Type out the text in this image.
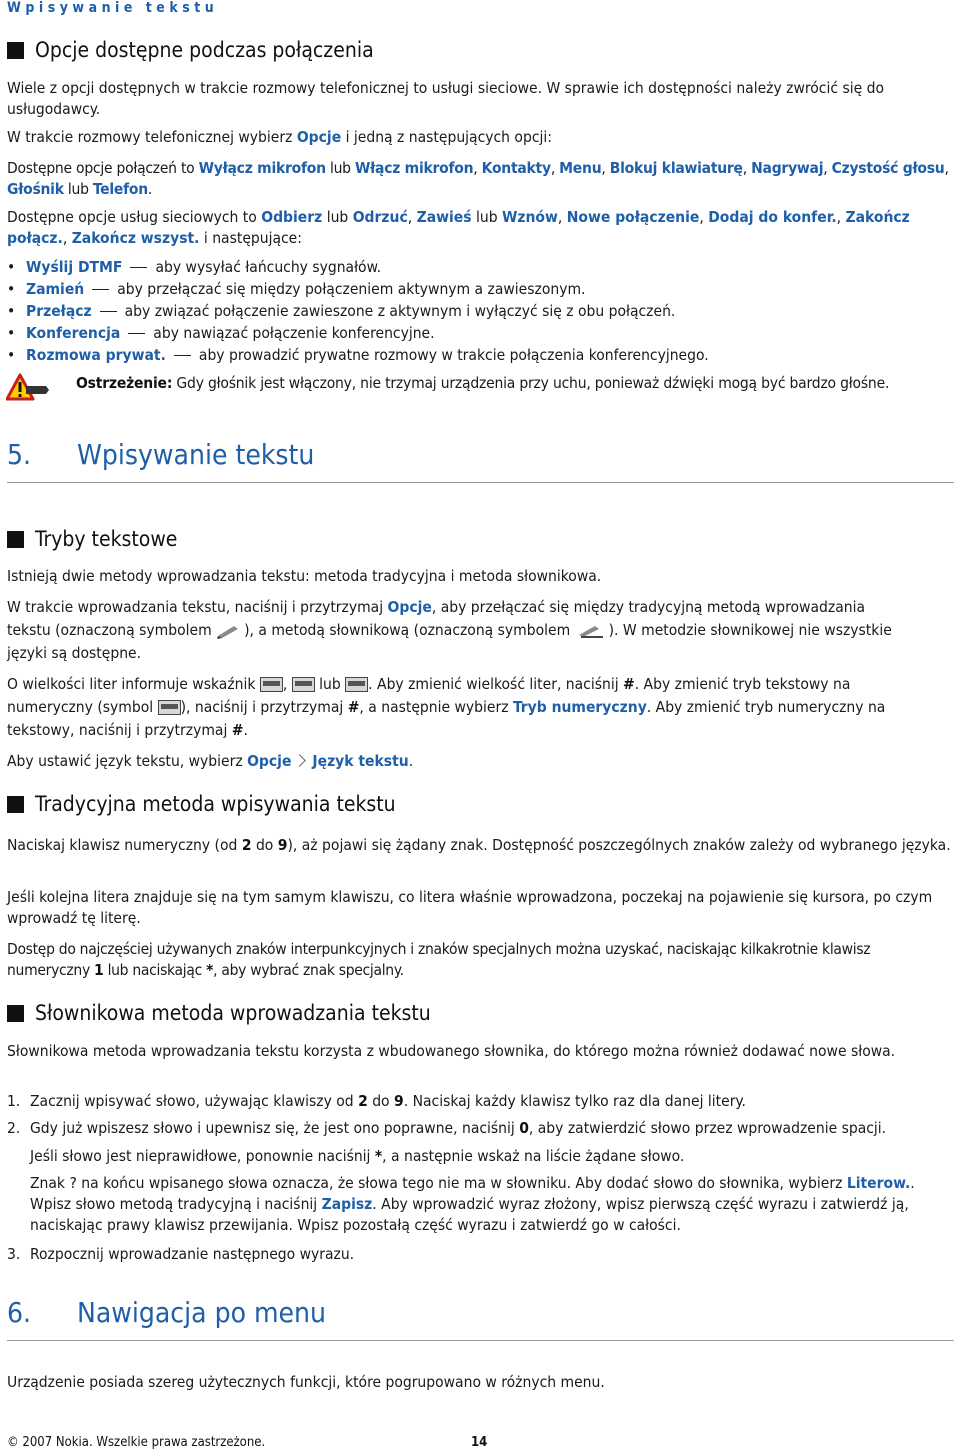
Wpisywanie tekstu
Opcje dostępne podczas połączenia

Wiele z opcji dostępnych w trakcie rozmowy telefonicznej to usługi sieciowe. W sprawie ich dostępności należy zwrócić się do usługodawcy.

W trakcie rozmowy telefonicznej wybierz Opcje i jedną z następujących opcji:

Dostępne opcje połączeń to Wyłącz mikrofon lub Włącz mikrofon, Kontakty, Menu, Blokuj klawiaturę, Nagrywaj, Czystość głosu, Głośnik lub Telefon.

Dostępne opcje usług sieciowych to Odbierz lub Odrzuć, Zawieś lub Wznów, Nowe połączenie, Dodaj do konfer., Zakończ połącz., Zakończ wszyst. i następujące:

• Wyślij DTMF aby wysyłać łańcuchy sygnałów.
• Zamień aby przełączać się między połączeniem aktywnym a zawieszonym.
• Przełącz aby związać połączenie zawieszone z aktywnym i wyłączyć się z obu połączeń.
• Konferencja aby nawiązać połączenie konferencyjne.
• Rozmowa prywat. aby prowadzić prywatne rozmowy w trakcie połączenia konferencyjnego.

Ostrzeżenie: Gdy głośnik jest włączony, nie trzymaj urządzenia przy uchu, ponieważ dźwięki mogą być bardzo głośne.

5. Wpisywanie tekstu
Tryby tekstowe

Istnieją dwie metody wprowadzania tekstu: metoda tradycyjna i metoda słownikowa.

W trakcie wprowadzania tekstu, naciśnij i przytrzymaj Opcje, aby przełączać się między tradycyjną metodą wprowadzania
tekstu (oznaczoną symbolem ), a metodą słownikową (oznaczoną symbolem ). W metodzie słownikowej nie wszystkie
języki są dostępne.
O wielkości liter informuje wskaźnik
,
lub
. Aby zmienić wielkość liter, naciśnij #. Aby zmienić tryb tekstowy na
numeryczny (symbol
), naciśnij i przytrzymaj #, a następnie wybierz Tryb numeryczny. Aby zmienić tryb numeryczny na
tekstowy, naciśnij i przytrzymaj #.
Aby ustawić język tekstu, wybierz Opcje Język tekstu.
Tradycyjna metoda wpisywania tekstu

Naciskaj klawisz numeryczny (od 2 do 9), aż pojawi się żądany znak. Dostępność poszczególnych znaków zależy od wybranego języka.

Jeśli kolejna litera znajduje się na tym samym klawiszu, co litera właśnie wprowadzona, poczekaj na pojawienie się kursora, po czym wprowadź tę literę.

Dostęp do najczęściej używanych znaków interpunkcyjnych i znaków specjalnych można uzyskać, naciskając kilkakrotnie klawisz numeryczny 1 lub naciskając *, aby wybrać znak specjalny.

Słownikowa metoda wprowadzania tekstu

Słownikowa metoda wprowadzania tekstu korzysta z wbudowanego słownika, do którego można również dodawać nowe słowa.

1. Zacznij wpisywać słowo, używając klawiszy od 2 do 9. Naciskaj każdy klawisz tylko raz dla danej litery.
2. Gdy już wpiszesz słowo i upewnisz się, że jest ono poprawne, naciśnij 0, aby zatwierdzić słowo przez wprowadzenie spacji.
Jeśli słowo jest nieprawidłowe, ponownie naciśnij *, a następnie wskaż na liście żądane słowo.
Znak ? na końcu wpisanego słowa oznacza, że słowa tego nie ma w słowniku. Aby dodać słowo do słownika, wybierz Literow.. Wpisz słowo metodą tradycyjną i naciśnij Zapisz. Aby wprowadzić wyraz złożony, wpisz pierwszą część wyrazu i zatwierdź ją, naciskając prawy klawisz przewijania. Wpisz pozostałą część wyrazu i zatwierdź go w całości.
3. Rozpocznij wprowadzanie następnego wyrazu.
6. Nawigacja po menu

Urządzenie posiada szereg użytecznych funkcji, które pogrupowano w różnych menu.

© 2007 Nokia. Wszelkie prawa zastrzeżone.	14
